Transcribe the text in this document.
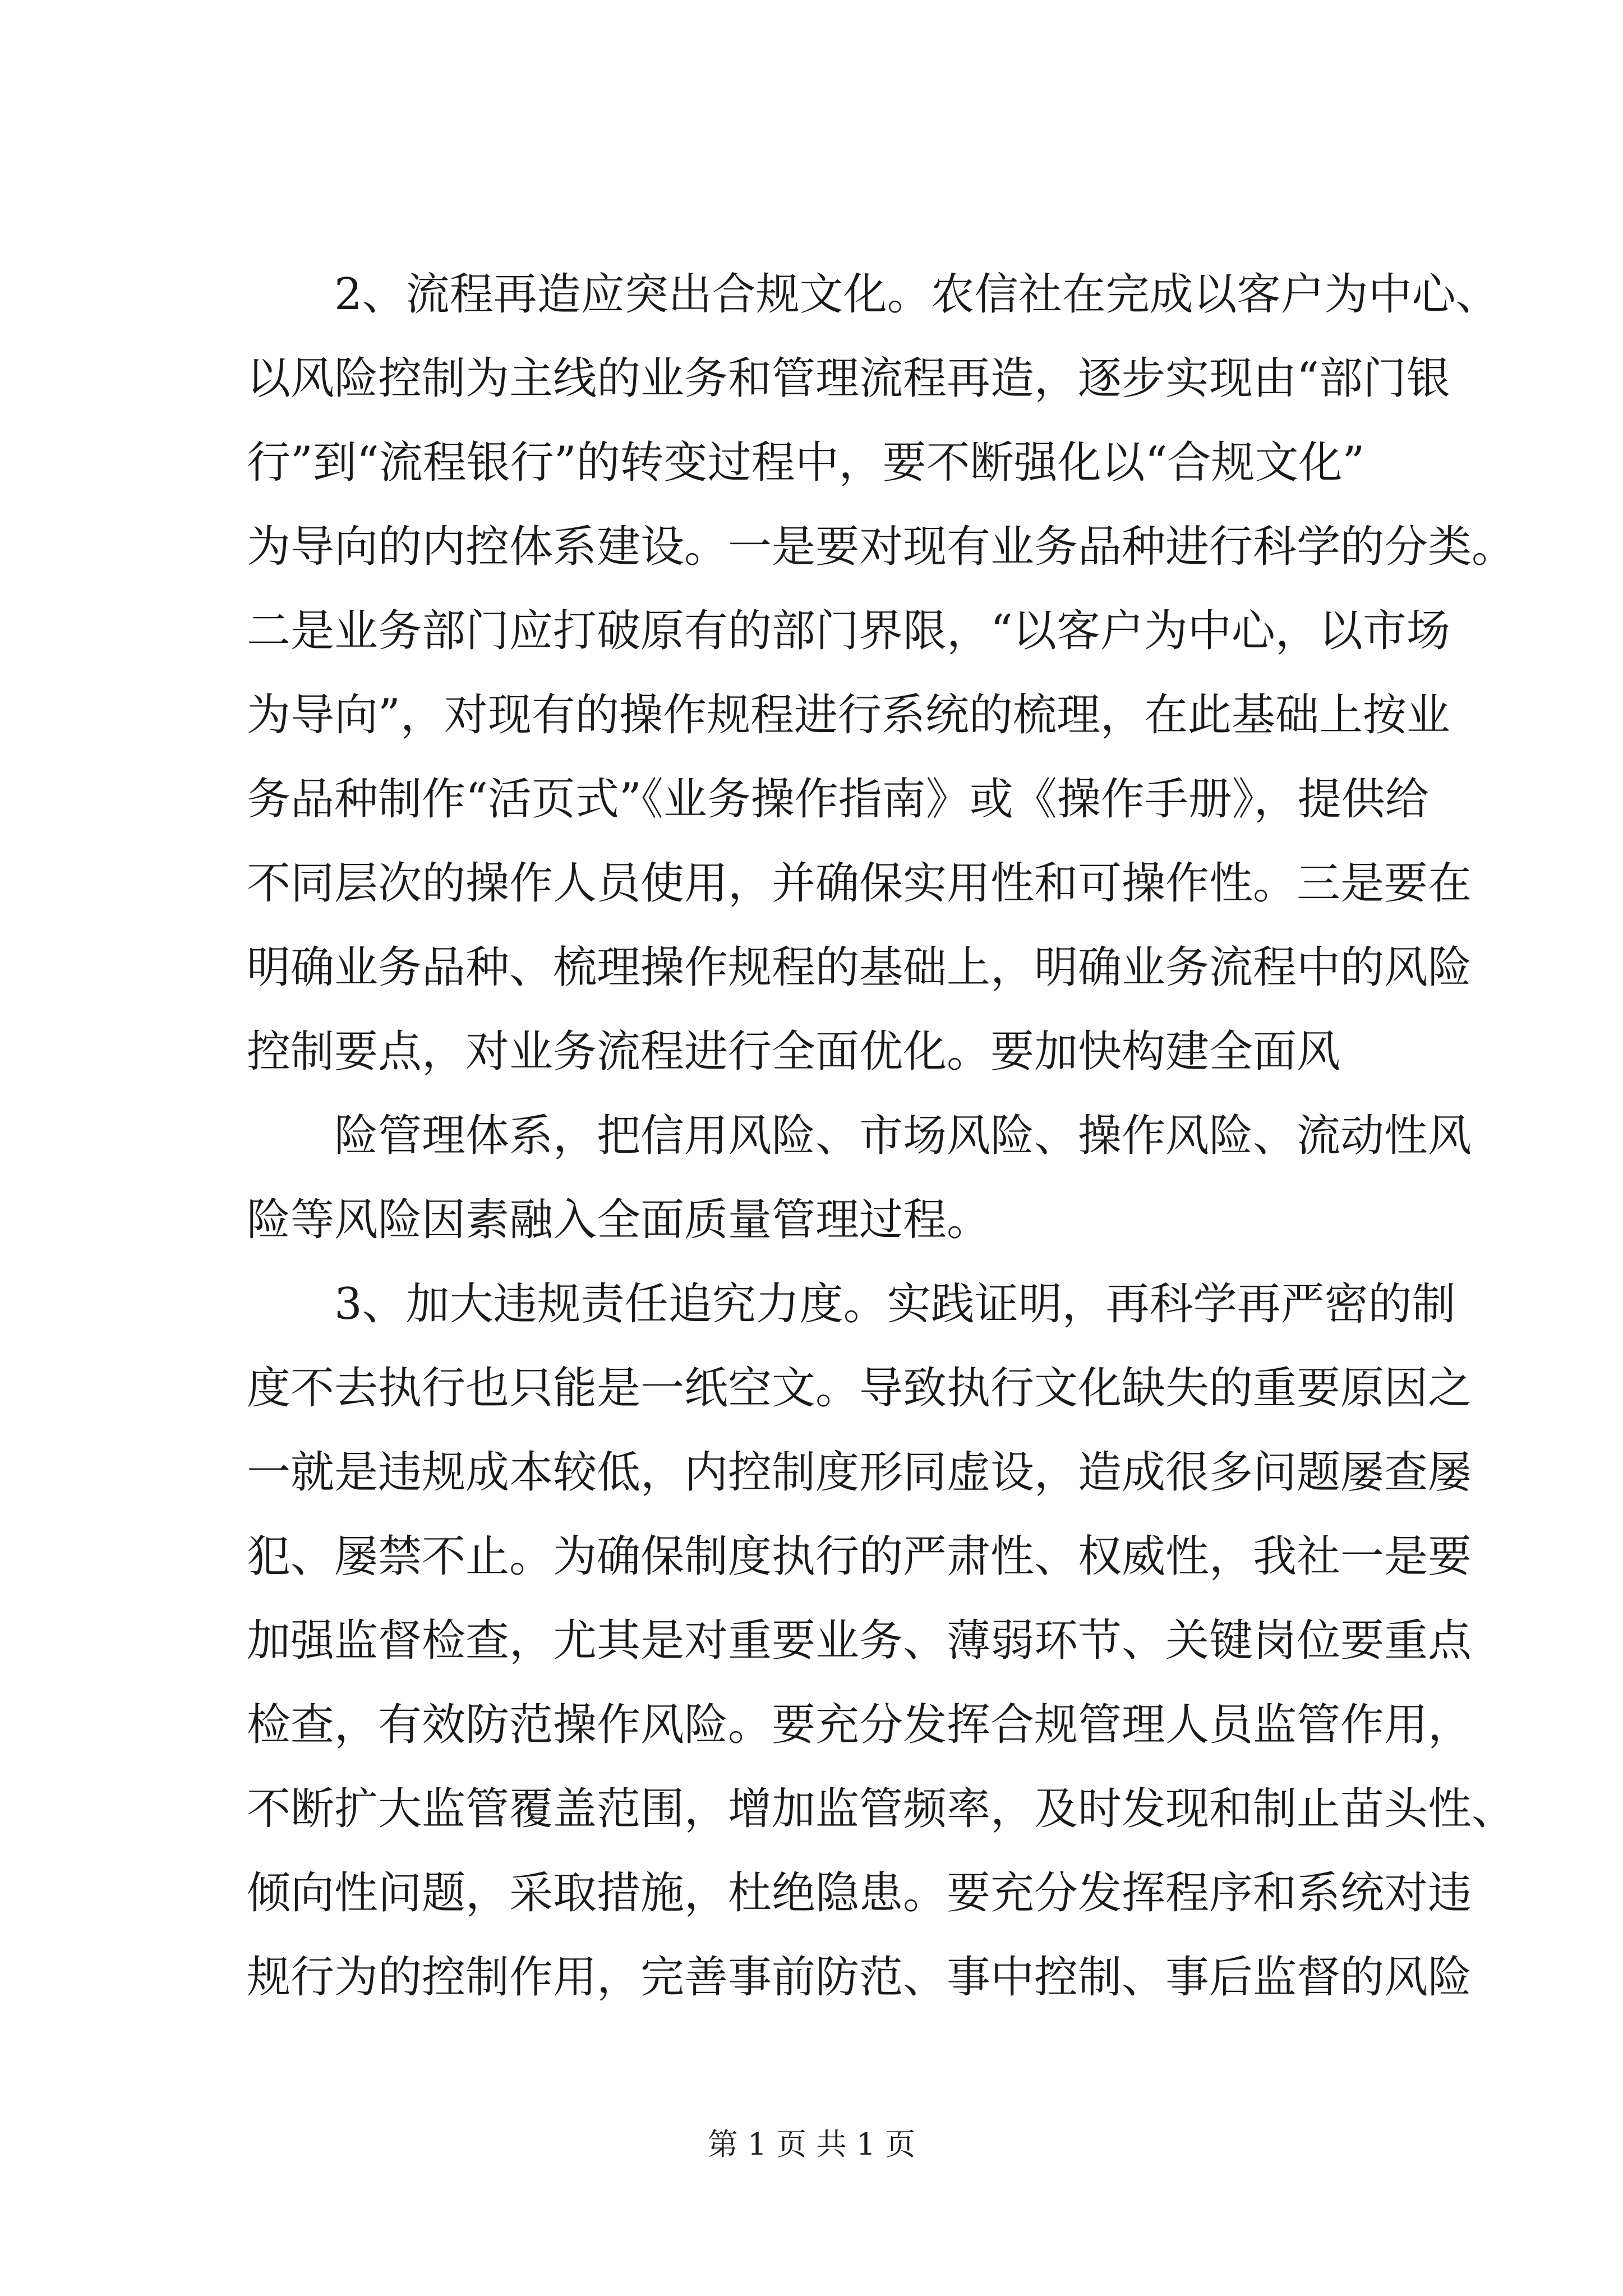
　　2、流程再造应突出合规文化。农信社在完成以客户为中心、
以风险控制为主线的业务和管理流程再造，逐步实现由“部门银
行”到“流程银行”的转变过程中，要不断强化以“合规文化”
为导向的内控体系建设。一是要对现有业务品种进行科学的分类。
二是业务部门应打破原有的部门界限，“以客户为中心，以市场
为导向”，对现有的操作规程进行系统的梳理，在此基础上按业
务品种制作“活页式”《业务操作指南》或《操作手册》，提供给
不同层次的操作人员使用，并确保实用性和可操作性。三是要在
明确业务品种、梳理操作规程的基础上，明确业务流程中的风险
控制要点，对业务流程进行全面优化。要加快构建全面风
　　险管理体系，把信用风险、市场风险、操作风险、流动性风
险等风险因素融入全面质量管理过程。
　　3、加大违规责任追究力度。实践证明，再科学再严密的制
度不去执行也只能是一纸空文。导致执行文化缺失的重要原因之
一就是违规成本较低，内控制度形同虚设，造成很多问题屡查屡
犯、屡禁不止。为确保制度执行的严肃性、权威性，我社一是要
加强监督检查，尤其是对重要业务、薄弱环节、关键岗位要重点
检查，有效防范操作风险。要充分发挥合规管理人员监管作用，
不断扩大监管覆盖范围，增加监管频率，及时发现和制止苗头性、
倾向性问题，采取措施，杜绝隐患。要充分发挥程序和系统对违
规行为的控制作用，完善事前防范、事中控制、事后监督的风险
第 1 页 共 1 页
